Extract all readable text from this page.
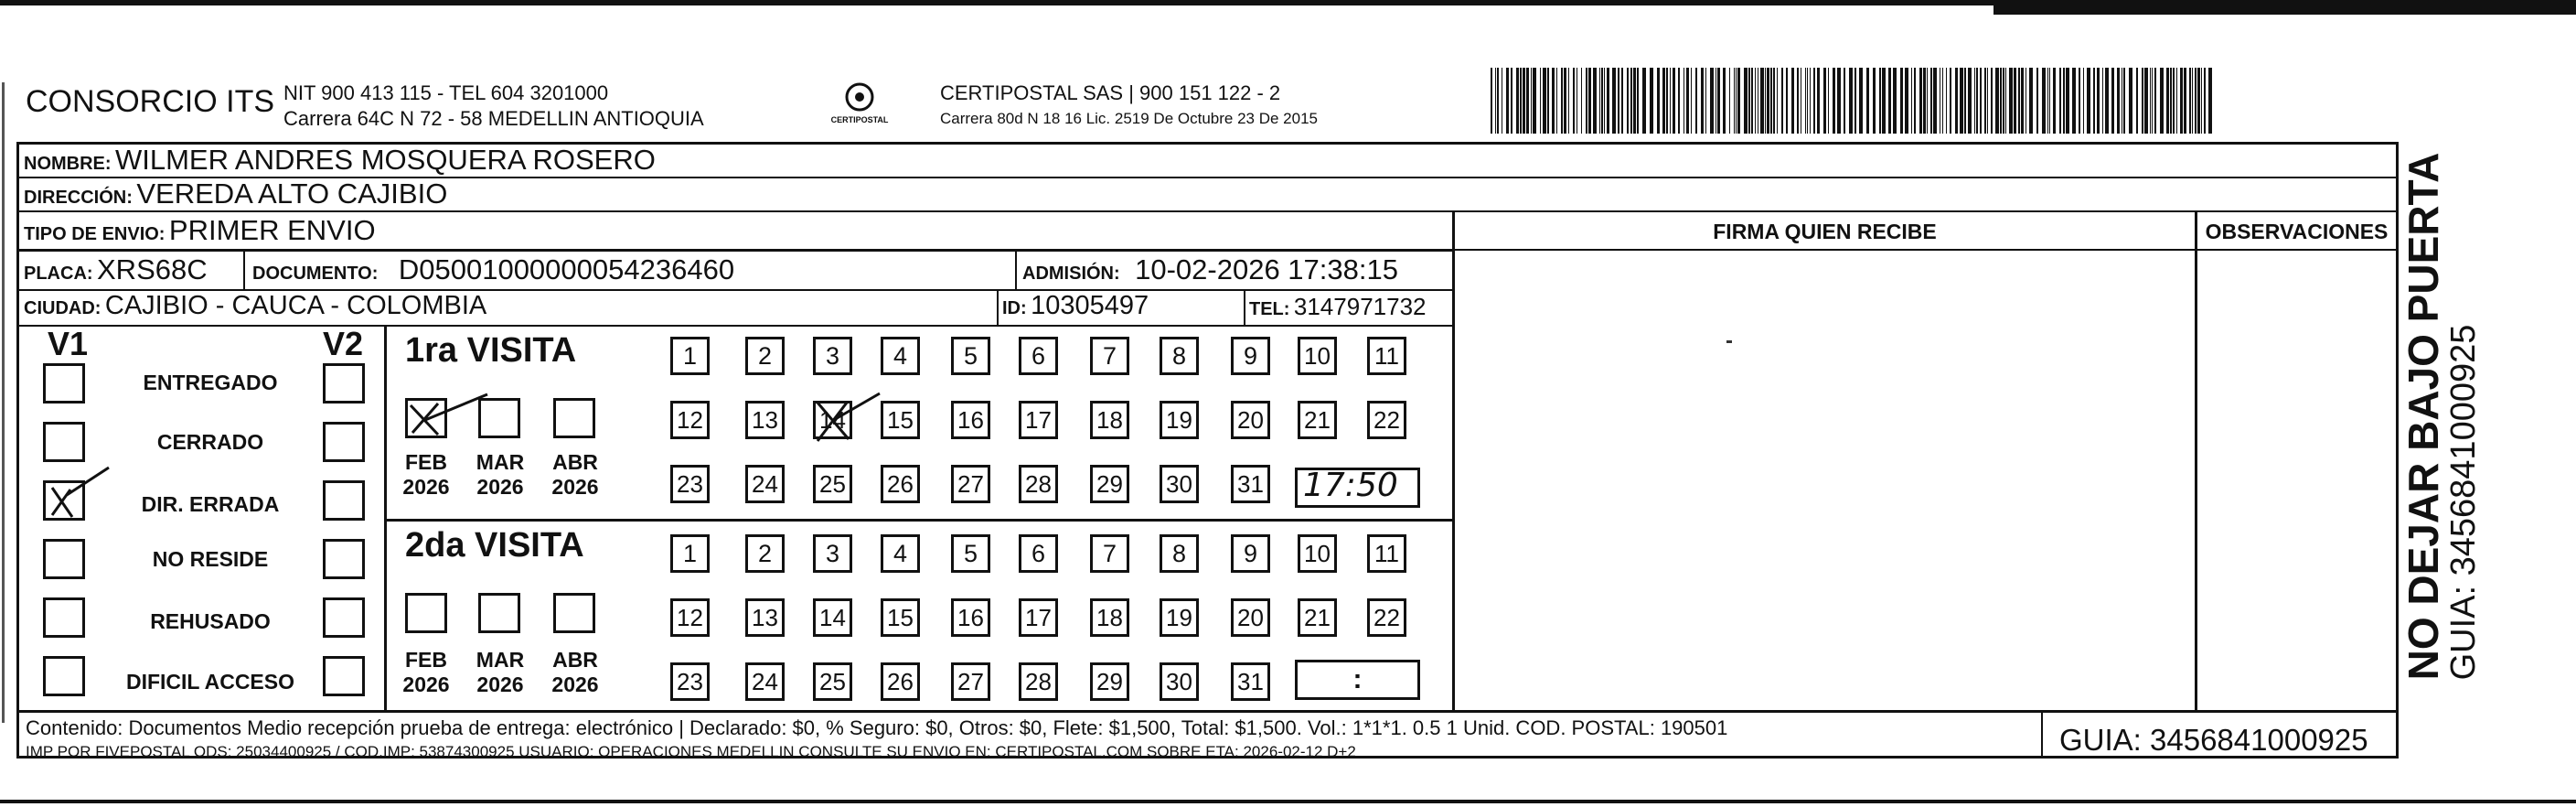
CONSORCIO ITS NIT 900 413 115 - TEL 604 3201000
Carrera 64C N 72 - 58 MEDELLIN ANTIOQUIA	CERTIPOSTAL
CERTIPOSTAL SAS | 900 151 122 - 2
Carrera 80d N 18 16 Lic. 2519 De Octubre 23 De 2015
NOMBRE: WILMER ANDRES MOSQUERA ROSERO
DIRECCIÓN: VEREDA ALTO CAJIBIO
TIPO DE ENVIO: PRIMER ENVIO
PLACA: XRS68C DOCUMENTO: D05001000000054236460	ADMISIÓN: 10-02-2026 17:38:15
CIUDAD: CAJIBIO - CAUCA - COLOMBIA	ID: 10305497	TEL: 3147971732
FIRMA QUIEN RECIBE	OBSERVACIONES
V1	V2
ENTREGADO
CERRADO
DIR. ERRADA
NO RESIDE
REHUSADO
DIFICIL ACCESO
1ra VISITA
FEB
2026
MAR
2026
ABR
2026	17:50
2da VISITA
FEB
2026
MAR
2026
ABR
2026	:
Contenido: Documentos Medio recepción prueba de entrega: electrónico | Declarado: $0, % Seguro: $0, Otros: $0, Flete: $1,500, Total: $1,500. Vol.: 1*1*1. 0.5 1 Unid. COD. POSTAL: 190501
IMP POR FIVEPOSTAL ODS: 25034400925 / COD.IMP: 53874300925 USUARIO: OPERACIONES MEDELLIN CONSULTE SU ENVIO EN: CERTIPOSTAL.COM SOBRE ETA: 2026-02-12 D+2	GUIA: 3456841000925
NO DEJAR BAJO PUERTA
GUIA: 3456841000925
1	2	3	4	5	6	7	8	9	10	11
12 13 14 15 16 17 18 19 20 21 22
23 24 25 26 27 28 29 30 31
1	2	3	4	5	6	7	8	9	10	11
12 13 14 15 16 17 18 19 20 21 22
23 24 25 26 27 28 29 30 31
